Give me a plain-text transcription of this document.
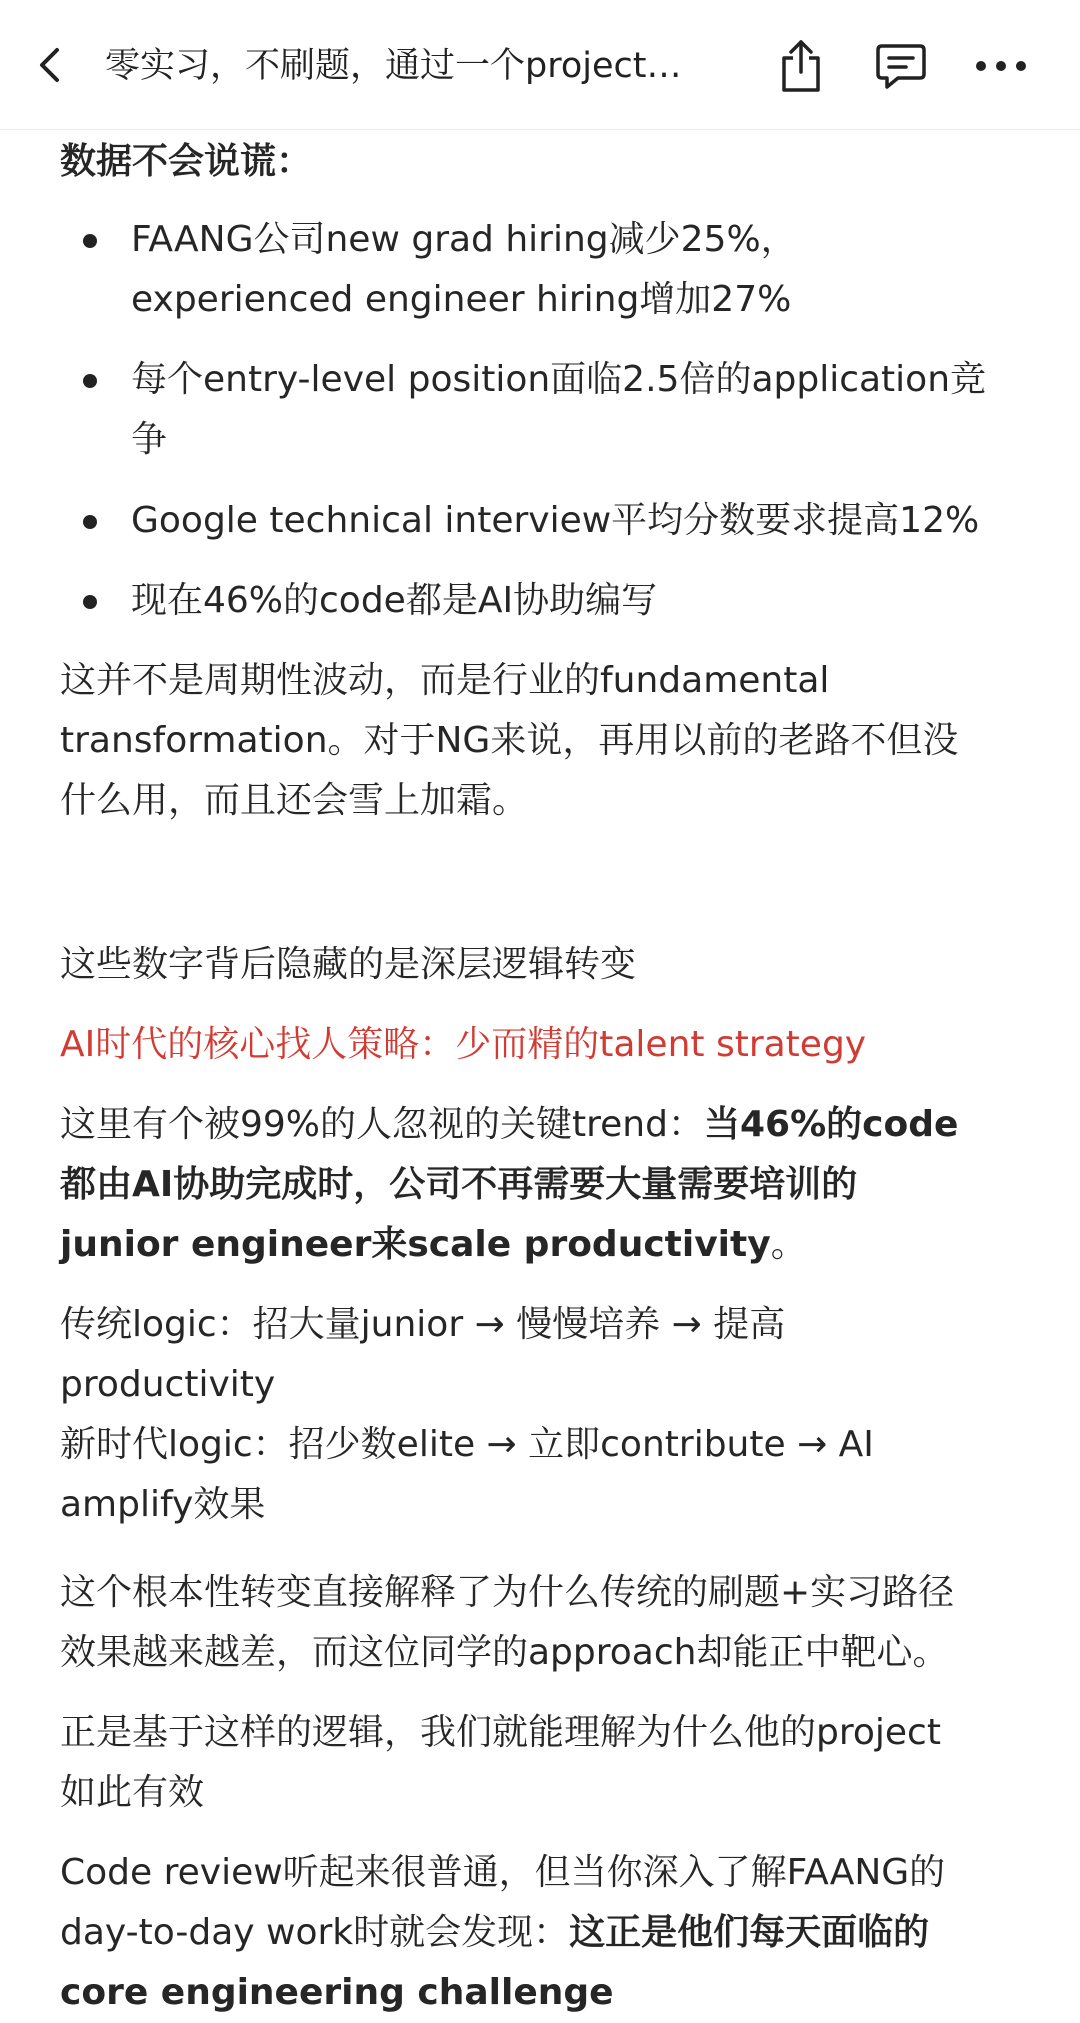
零实习，不刷题，通过一个project…
数据不会说谎：
FAANG公司new grad hiring减少25%，
experienced engineer hiring增加27%
每个entry-level position面临2.5倍的application竞
争
Google technical interview平均分数要求提高12%
现在46%的code都是AI协助编写
这并不是周期性波动，而是行业的fundamental
transformation。对于NG来说，再用以前的老路不但没
什么用，而且还会雪上加霜。
这些数字背后隐藏的是深层逻辑转变
AI时代的核心找人策略：少而精的talent strategy
这里有个被99%的人忽视的关键trend：当46%的code
都由AI协助完成时，公司不再需要大量需要培训的
junior engineer来scale productivity。
传统logic：招大量junior → 慢慢培养 → 提高
productivity
新时代logic：招少数elite → 立即contribute → AI
amplify效果
这个根本性转变直接解释了为什么传统的刷题+实习路径
效果越来越差，而这位同学的approach却能正中靶心。
正是基于这样的逻辑，我们就能理解为什么他的project
如此有效
Code review听起来很普通，但当你深入了解FAANG的
day-to-day work时就会发现：这正是他们每天面临的
core engineering challenge
